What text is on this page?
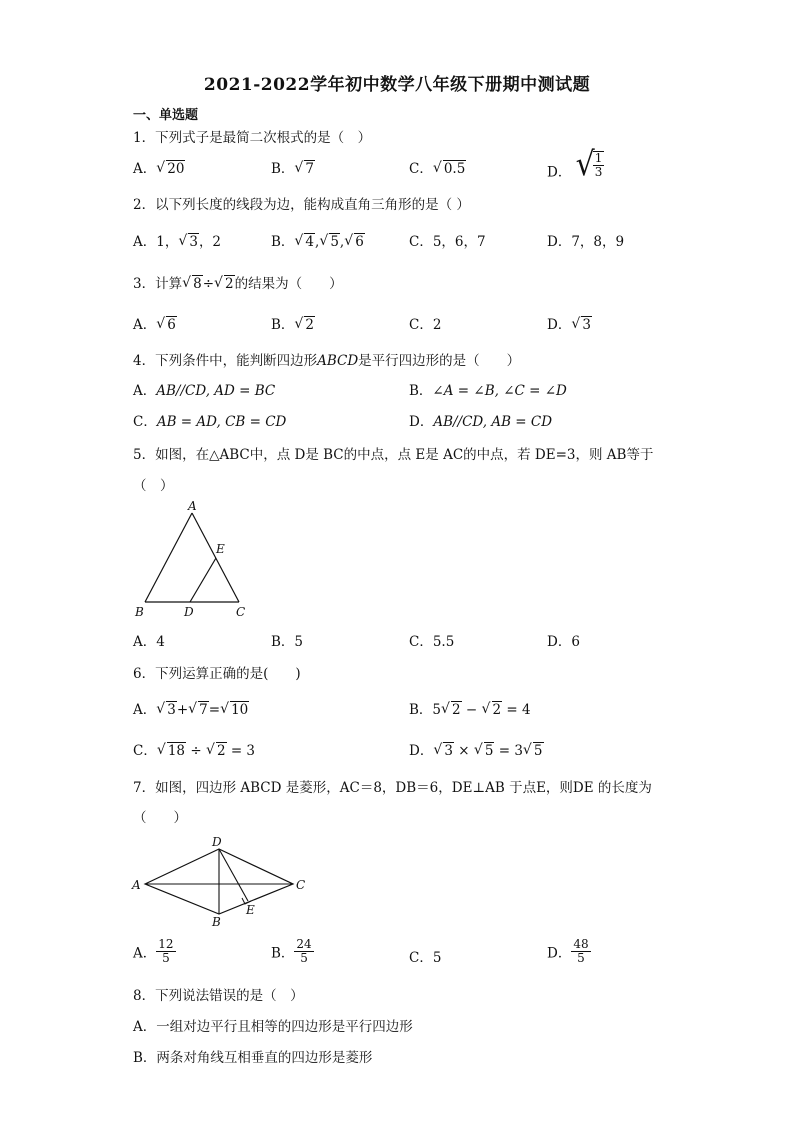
2021-2022学年初中数学八年级下册期中测试题
一、单选题
1．下列式子是最简二次根式的是（　）
A． √ 20	B． √ 7	C． √ 0.5	D． √
$\frac{1}{3}$
2．以下列长度的线段为边，能构成直角三角形的是（ ）
A．1， √ 3，2	B． √ 4, √ 5, √ 6	C．5，6，7	D．7，8，9
3．计算 √ 8÷ √ 2的结果为（　　）
A． √ 6	B． √ 2	C．2	D． √ 3
4．下列条件中，能判断四边形ABCD是平行四边形的是（　　）
A．AB//CD, AD = BC	B．∠A = ∠B, ∠C = ∠D
C．AB = AD, CB = CD	D．AB//CD, AB = CD
5．如图，在△ABC中，点 D是 BC的中点，点 E是 AC的中点，若 DE=3，则 AB等于
（　）
A
B	C
D
E
A．4	B．5	C．5.5	D．6
6．下列运算正确的是(　　)
A． √ 3+ √ 7= √ 10	B．5 √ 2 − √ 2 = 4
C． √ 18 ÷ √ 2 = 3	D． √ 3 × √ 5 = 3 √ 5
7．如图，四边形 ABCD 是菱形，AC＝8，DB＝6，DE⊥AB 于点E，则DE 的长度为
（　　）
A
D
C
B
E
A． $\frac{12}{5}$	B． $\frac{24}{5}$	C．5	D． $\frac{48}{5}$
8．下列说法错误的是（　）
A．一组对边平行且相等的四边形是平行四边形
B．两条对角线互相垂直的四边形是菱形
